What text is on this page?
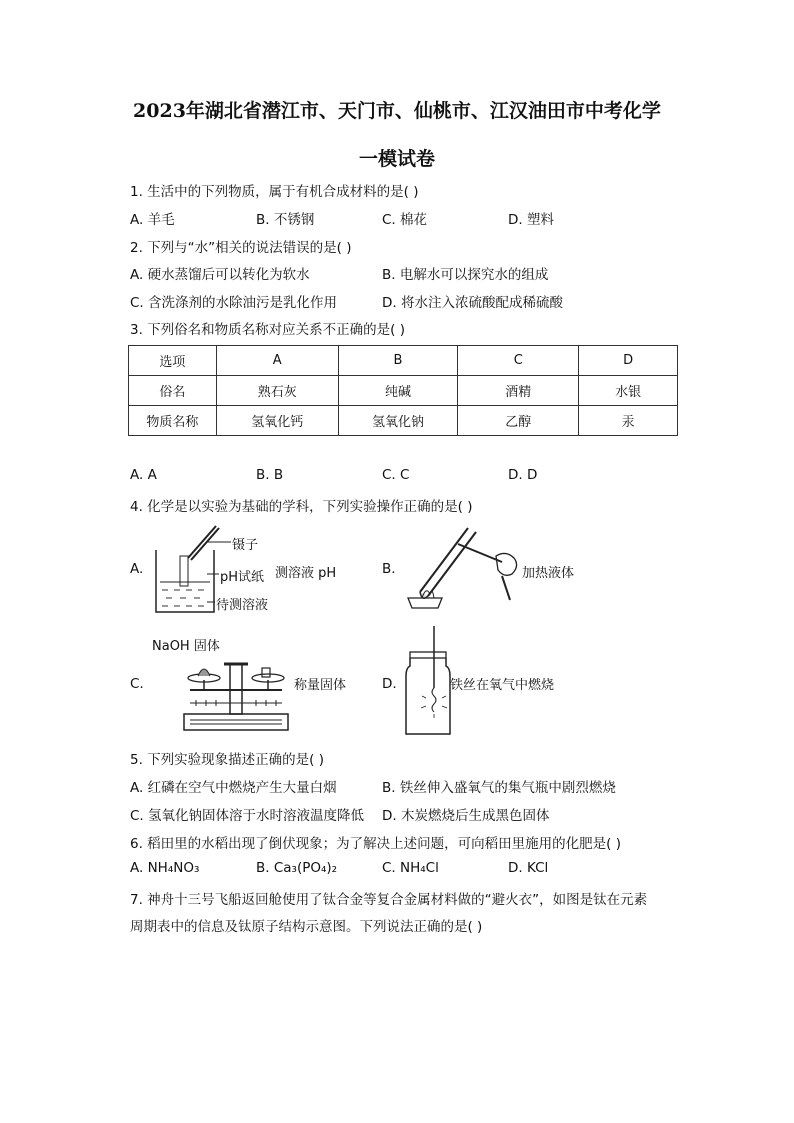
2023年湖北省潜江市、天门市、仙桃市、江汉油田市中考化学
一模试卷
1. 生活中的下列物质，属于有机合成材料的是( )
A. 羊毛	B. 不锈钢	C. 棉花	D. 塑料
2. 下列与“水”相关的说法错误的是( )
A. 硬水蒸馏后可以转化为软水	B. 电解水可以探究水的组成
C. 含洗涤剂的水除油污是乳化作用	D. 将水注入浓硫酸配成稀硫酸
3. 下列俗名和物质名称对应关系不正确的是( )
选项	A	B	C	D
俗名	熟石灰	纯碱	酒精	水银
物质名称	氢氧化钙	氢氧化钠	乙醇	汞
A. A	B. B	C. C	D. D
4. 化学是以实验为基础的学科，下列实验操作正确的是( )
A.
镊子
pH试纸
待测溶液
测溶液 pH	B.	加热液体
NaOH 固体
C.	称量固体	D.	铁丝在氧气中燃烧
5. 下列实验现象描述正确的是( )
A. 红磷在空气中燃烧产生大量白烟	B. 铁丝伸入盛氧气的集气瓶中剧烈燃烧
C. 氢氧化钠固体溶于水时溶液温度降低 D. 木炭燃烧后生成黑色固体
6. 稻田里的水稻出现了倒伏现象；为了解决上述问题，可向稻田里施用的化肥是( )
A. NH₄NO₃	B. Ca₃(PO₄)₂	C. NH₄Cl	D. KCl
7. 神舟十三号飞船返回舱使用了钛合金等复合金属材料做的“避火衣”，如图是钛在元素
周期表中的信息及钛原子结构示意图。下列说法正确的是( )
